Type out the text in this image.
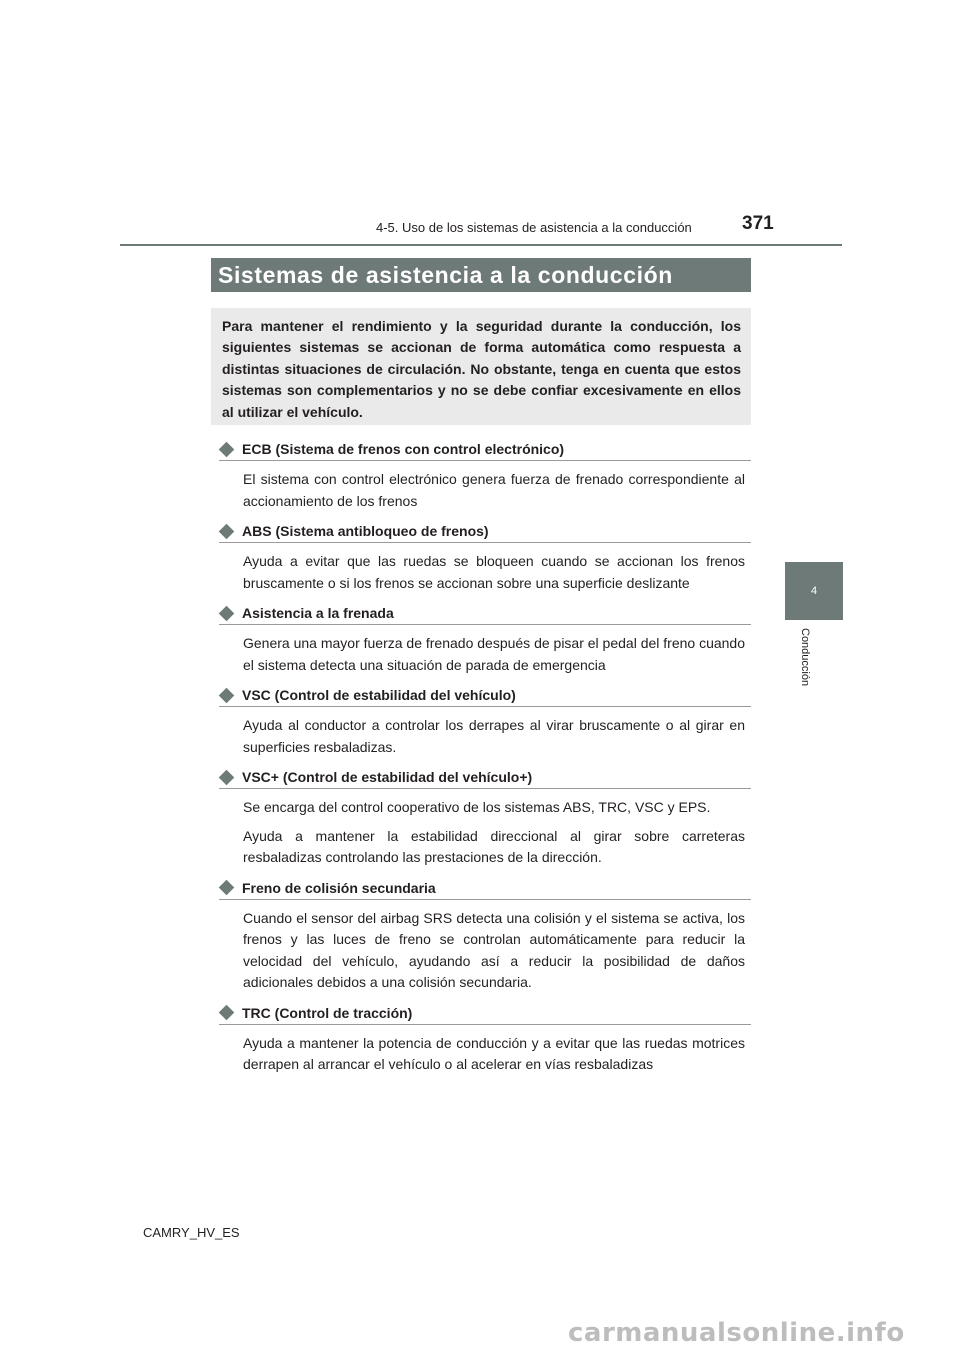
4-5. Uso de los sistemas de asistencia a la conducción	371
4
Conducción
Sistemas de asistencia a la conducción
Para mantener el rendimiento y la seguridad durante la conducción, los siguientes sistemas se accionan de forma automática como respuesta a distintas situaciones de circulación. No obstante, tenga en cuenta que estos sistemas son complementarios y no se debe confiar excesivamente en ellos al utilizar el vehículo.
ECB (Sistema de frenos con control electrónico)

El sistema con control electrónico genera fuerza de frenado correspondiente al accionamiento de los frenos

ABS (Sistema antibloqueo de frenos)

Ayuda a evitar que las ruedas se bloqueen cuando se accionan los frenos bruscamente o si los frenos se accionan sobre una superficie deslizante

Asistencia a la frenada

Genera una mayor fuerza de frenado después de pisar el pedal del freno cuando el sistema detecta una situación de parada de emergencia

VSC (Control de estabilidad del vehículo)

Ayuda al conductor a controlar los derrapes al virar bruscamente o al girar en superficies resbaladizas.

VSC+ (Control de estabilidad del vehículo+)

Se encarga del control cooperativo de los sistemas ABS, TRC, VSC y EPS.

Ayuda a mantener la estabilidad direccional al girar sobre carreteras resbaladizas controlando las prestaciones de la dirección.

Freno de colisión secundaria

Cuando el sensor del airbag SRS detecta una colisión y el sistema se activa, los frenos y las luces de freno se controlan automáticamente para reducir la velocidad del vehículo, ayudando así a reducir la posibilidad de daños adicionales debidos a una colisión secundaria.

TRC (Control de tracción)

Ayuda a mantener la potencia de conducción y a evitar que las ruedas motrices derrapen al arrancar el vehículo o al acelerar en vías resbaladizas

CAMRY_HV_ES
carmanualsonline.info
